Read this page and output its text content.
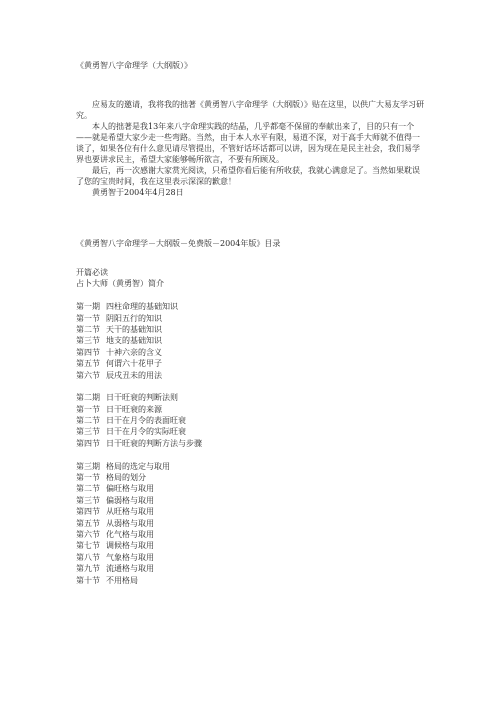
《黄勇智八字命理学（大纲版）》

应易友的邀请，我将我的拙著《黄勇智八字命理学（大纲版）》贴在这里，以供广大易友学习研究。

本人的拙著是我13年来八字命理实践的结晶，几乎都毫不保留的奉献出来了，目的只有一个——就是希望大家少走一些弯路。当然，由于本人水平有限，易道不深，对于高手大师就不值得一谈了，如果各位有什么意见请尽管提出，不管好话坏话都可以讲，因为现在是民主社会，我们易学界也要讲求民主，希望大家能够畅所欲言，不要有所顾及。

最后，再一次感谢大家赏光阅读，只希望你看后能有所收获，我就心满意足了。当然如果耽误了您的宝贵时间，我在这里表示深深的歉意！

黄勇智于2004年4月28日

《黄勇智八字命理学－大纲版－免费版－2004年版》目录
开篇必读
占卜大师（黄勇智）简介
第一期 四柱命理的基础知识
第一节 阴阳五行的知识
第二节 天干的基础知识
第三节 地支的基础知识
第四节 十神六亲的含义
第五节 何谓六十花甲子
第六节 辰戌丑未的用法
第二期 日干旺衰的判断法则
第一节 日干旺衰的来源
第二节 日干在月令的表面旺衰
第三节 日干在月令的实际旺衰
第四节 日干旺衰的判断方法与步骤
第三期 格局的选定与取用
第一节 格局的划分
第二节 偏旺格与取用
第三节 偏弱格与取用
第四节 从旺格与取用
第五节 从弱格与取用
第六节 化气格与取用
第七节 调候格与取用
第八节 气象格与取用
第九节 流通格与取用
第十节 不用格局
